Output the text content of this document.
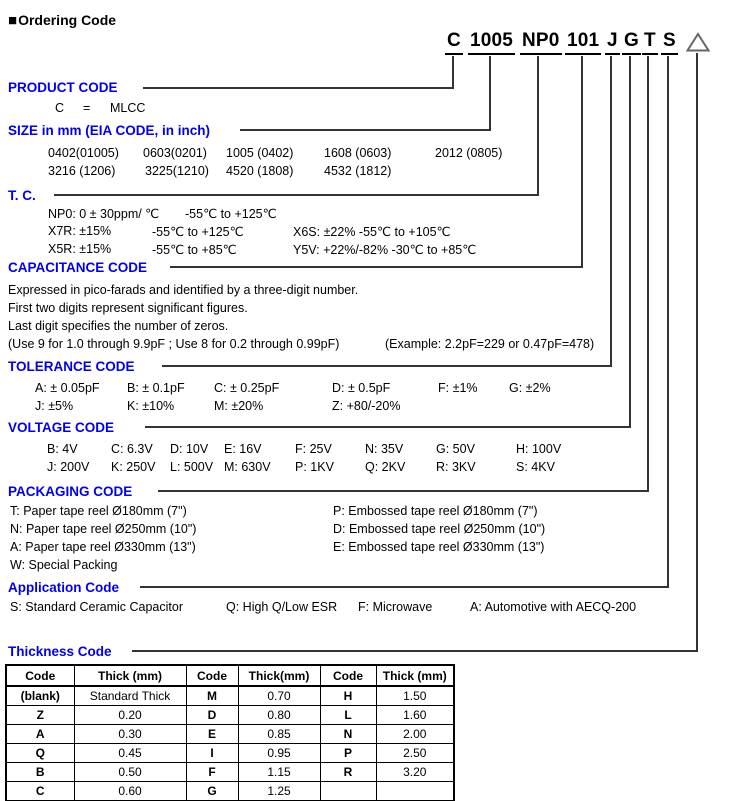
■ Ordering Code
C 1005 NP0 101 J G T S
PRODUCT CODE
C = MLCC
SIZE in mm (EIA CODE, in inch)
0402(01005) 0603(0201) 1005 (0402) 1608 (0603)	2012 (0805)
3216 (1206) 3225(1210) 4520 (1808) 4532 (1812)
T. C.
NP0: 0 ± 30ppm/ ℃ -55℃ to +125℃
X7R: ±15%	-55℃ to +125℃	X6S: ±22% -55℃ to +105℃
X5R: ±15%	-55℃ to +85℃	Y5V: +22%/-82% -30℃ to +85℃
CAPACITANCE CODE
Expressed in pico-farads and identified by a three-digit number.
First two digits represent significant figures.
Last digit specifies the number of zeros.
(Use 9 for 1.0 through 9.9pF ; Use 8 for 0.2 through 0.99pF)	(Example: 2.2pF=229 or 0.47pF=478)
TOLERANCE CODE
A: ± 0.05pF B: ± 0.1pF C: ± 0.25pF	D: ± 0.5pF	F: ±1%	G: ±2%
J: ±5%	K: ±10%	M: ±20%	Z: +80/-20%
VOLTAGE CODE
B: 4V	C: 6.3V D: 10V E: 16V	F: 25V	N: 35V	G: 50V	H: 100V
J: 200V K: 250V L: 500V M: 630V P: 1KV Q: 2KV R: 3KV	S: 4KV
PACKAGING CODE
T: Paper tape reel Ø180mm (7")
N: Paper tape reel Ø250mm (10")
A: Paper tape reel Ø330mm (13")
W: Special Packing
P: Embossed tape reel Ø180mm (7")
D: Embossed tape reel Ø250mm (10")
E: Embossed tape reel Ø330mm (13")
Application Code
S: Standard Ceramic Capacitor	Q: High Q/Low ESR F: Microwave	A: Automotive with AECQ-200
Thickness Code
Code	Thick (mm)	Code	Thick(mm)	Code	Thick (mm)
(blank)	Standard Thick	M	0.70	H	1.50
Z	0.20	D	0.80	L	1.60
A	0.30	E	0.85	N	2.00
Q	0.45	I	0.95	P	2.50
B	0.50	F	1.15	R	3.20
C	0.60	G	1.25		
